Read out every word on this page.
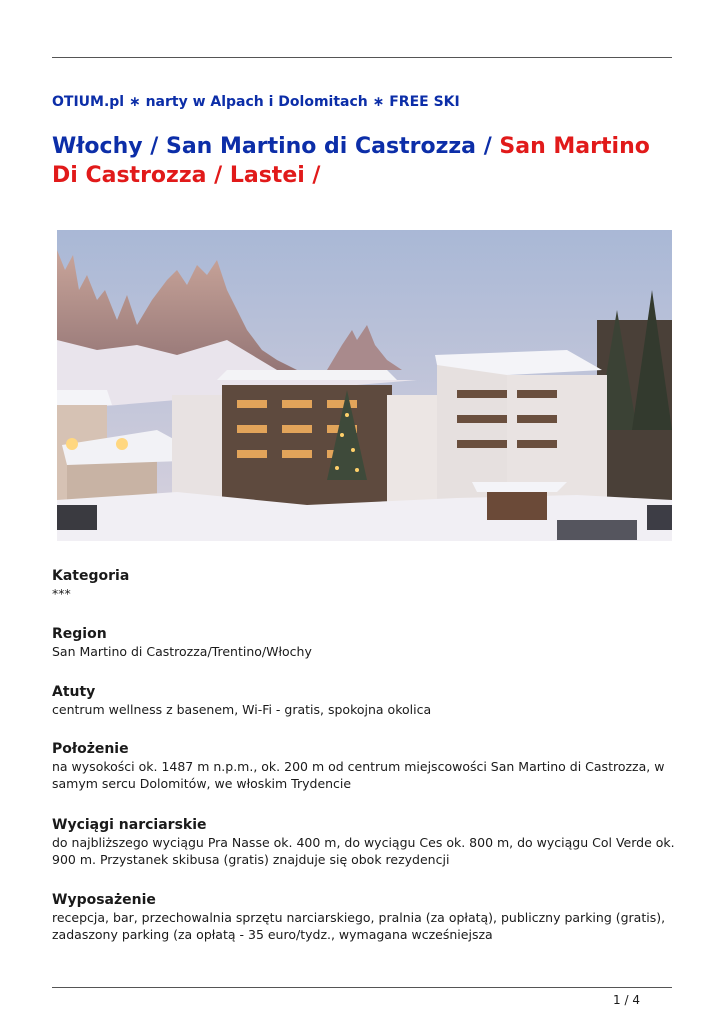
OTIUM.pl ∗ narty w Alpach i Dolomitach ∗ FREE SKI
Włochy / San Martino di Castrozza / San Martino Di Castrozza / Lastei /
Kategoria

***

Region

San Martino di Castrozza/Trentino/Włochy

Atuty

centrum wellness z basenem, Wi-Fi - gratis, spokojna okolica

Położenie

na wysokości ok. 1487 m n.p.m., ok. 200 m od centrum miejscowości San Martino di Castrozza, w samym sercu Dolomitów, we włoskim Trydencie

Wyciągi narciarskie

do najbliższego wyciągu Pra Nasse ok. 400 m, do wyciągu Ces ok. 800 m, do wyciągu Col Verde ok. 900 m. Przystanek skibusa (gratis) znajduje się obok rezydencji

Wyposażenie

recepcja, bar, przechowalnia sprzętu narciarskiego, pralnia (za opłatą), publiczny parking (gratis), zadaszony parking (za opłatą - 35 euro/tydz., wymagana wcześniejsza

1 / 4
